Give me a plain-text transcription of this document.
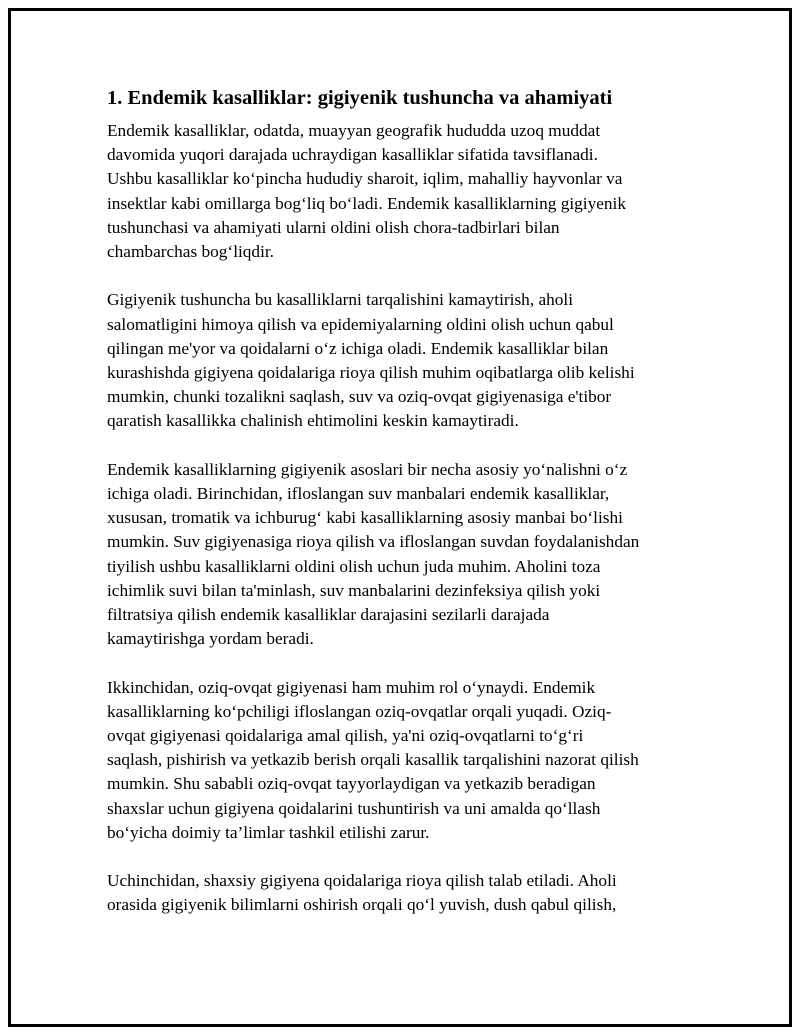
1. Endemik kasalliklar: gigiyenik tushuncha va ahamiyati

Endemik kasalliklar, odatda, muayyan geografik hududda uzoq muddat
davomida yuqori darajada uchraydigan kasalliklar sifatida tavsiflanadi.
Ushbu kasalliklar ko‘pincha hududiy sharoit, iqlim, mahalliy hayvonlar va
insektlar kabi omillarga bog‘liq bo‘ladi. Endemik kasalliklarning gigiyenik
tushunchasi va ahamiyati ularni oldini olish chora-tadbirlari bilan
chambarchas bog‘liqdir.

Gigiyenik tushuncha bu kasalliklarni tarqalishini kamaytirish, aholi
salomatligini himoya qilish va epidemiyalarning oldini olish uchun qabul
qilingan me'yor va qoidalarni o‘z ichiga oladi. Endemik kasalliklar bilan
kurashishda gigiyena qoidalariga rioya qilish muhim oqibatlarga olib kelishi
mumkin, chunki tozalikni saqlash, suv va oziq-ovqat gigiyenasiga e'tibor
qaratish kasallikka chalinish ehtimolini keskin kamaytiradi.

Endemik kasalliklarning gigiyenik asoslari bir necha asosiy yo‘nalishni o‘z
ichiga oladi. Birinchidan, ifloslangan suv manbalari endemik kasalliklar,
xususan, tromatik va ichburug‘ kabi kasalliklarning asosiy manbai bo‘lishi
mumkin. Suv gigiyenasiga rioya qilish va ifloslangan suvdan foydalanishdan
tiyilish ushbu kasalliklarni oldini olish uchun juda muhim. Aholini toza
ichimlik suvi bilan ta'minlash, suv manbalarini dezinfeksiya qilish yoki
filtratsiya qilish endemik kasalliklar darajasini sezilarli darajada
kamaytirishga yordam beradi.

Ikkinchidan, oziq-ovqat gigiyenasi ham muhim rol o‘ynaydi. Endemik
kasalliklarning ko‘pchiligi ifloslangan oziq-ovqatlar orqali yuqadi. Oziq-
ovqat gigiyenasi qoidalariga amal qilish, ya'ni oziq-ovqatlarni to‘g‘ri
saqlash, pishirish va yetkazib berish orqali kasallik tarqalishini nazorat qilish
mumkin. Shu sababli oziq-ovqat tayyorlaydigan va yetkazib beradigan
shaxslar uchun gigiyena qoidalarini tushuntirish va uni amalda qo‘llash
bo‘yicha doimiy ta’limlar tashkil etilishi zarur.

Uchinchidan, shaxsiy gigiyena qoidalariga rioya qilish talab etiladi. Aholi
orasida gigiyenik bilimlarni oshirish orqali qo‘l yuvish, dush qabul qilish,
